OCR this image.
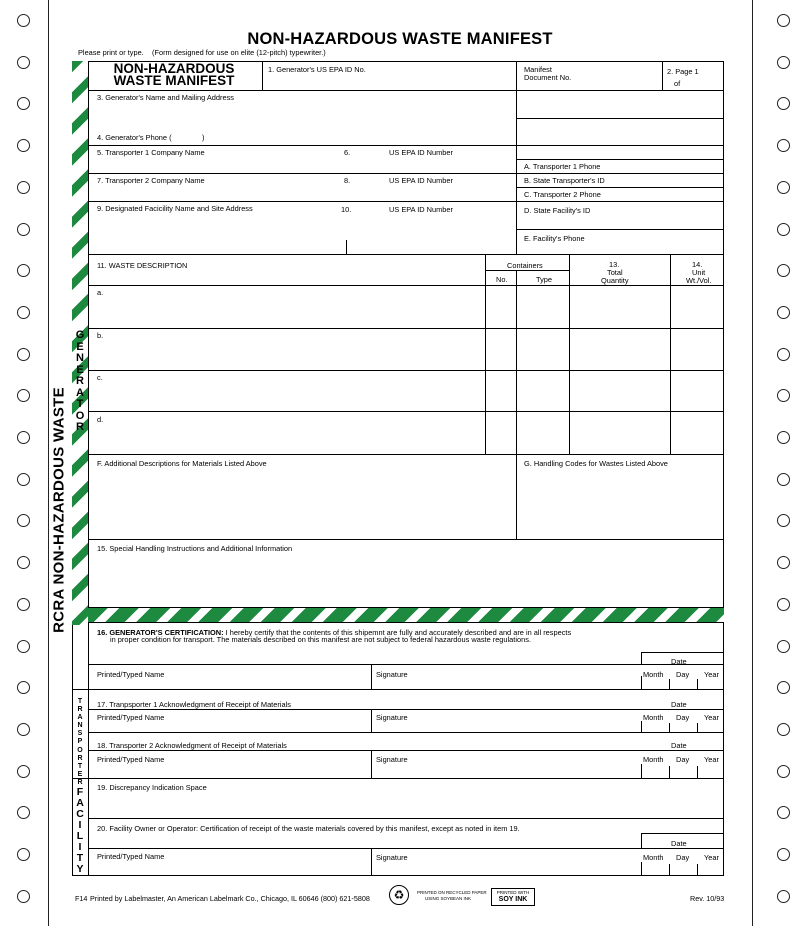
NON-HAZARDOUS WASTE MANIFEST
Please print or type. (Form designed for use on elite (12-pitch) typewriter.)
RCRA NON-HAZARDOUS WASTE
G
E
N
E
R
A
T
O
R
T
R
A
N
S
P
O
R
T
E
R
F
A
C
I
L
I
T
Y
NON-HAZARDOUS
WASTE MANIFEST
1. Generator's US EPA ID No.	Manifest
Document No.
2. Page 1
of
3. Generator's Name and Mailing Address
4. Generator's Phone (	)
5. Transporter 1 Company Name	6.	US EPA ID Number
A. Transporter 1 Phone
7. Transporter 2 Company Name	8.	US EPA ID Number	B. State Transporter's ID
C. Transporter 2 Phone
9. Designated Facicility Name and Site Address	10.	US EPA ID Number	D. State Facility's ID
E. Facility's Phone
11. WASTE DESCRIPTION	Containers
No.	Type
13.
Total
Quantity
14.
Unit
Wt./Vol.
a.
b.
c.
d.
F. Additional Descriptions for Materials Listed Above	G. Handling Codes for Wastes Listed Above
15. Special Handling Instructions and Additional Information
16. GENERATOR'S CERTIFICATION: I hereby certify that the contents of this shipemnt are fully and accurately described and are in all respects
in proper condition for transport. The materials described on this manifest are not subject to federal hazardous waste regulations.
Date
Printed/Typed Name	Signature	Month Day Year
17. Tranpsporter 1 Acknowledgment of Receipt of Materials	Date
Printed/Typed Name	Signature	Month Day Year
18. Transporter 2 Acknowledgment of Receipt of Materials	Date
Printed/Typed Name	Signature	Month Day Year
19. Discrepancy Indication Space
20. Facility Owner or Operator: Certification of receipt of the waste materials covered by this manifest, except as noted in item 19.
Date
Printed/Typed Name	Signature	Month Day Year
F14 Printed by Labelmaster, An American Labelmark Co., Chicago, IL 60646 (800) 621-5808	♻	PRINTED ON RECYCLED PAPER
USING SOYBEAN INK
PRINTED WITH
SOY INK	Rev. 10/93
